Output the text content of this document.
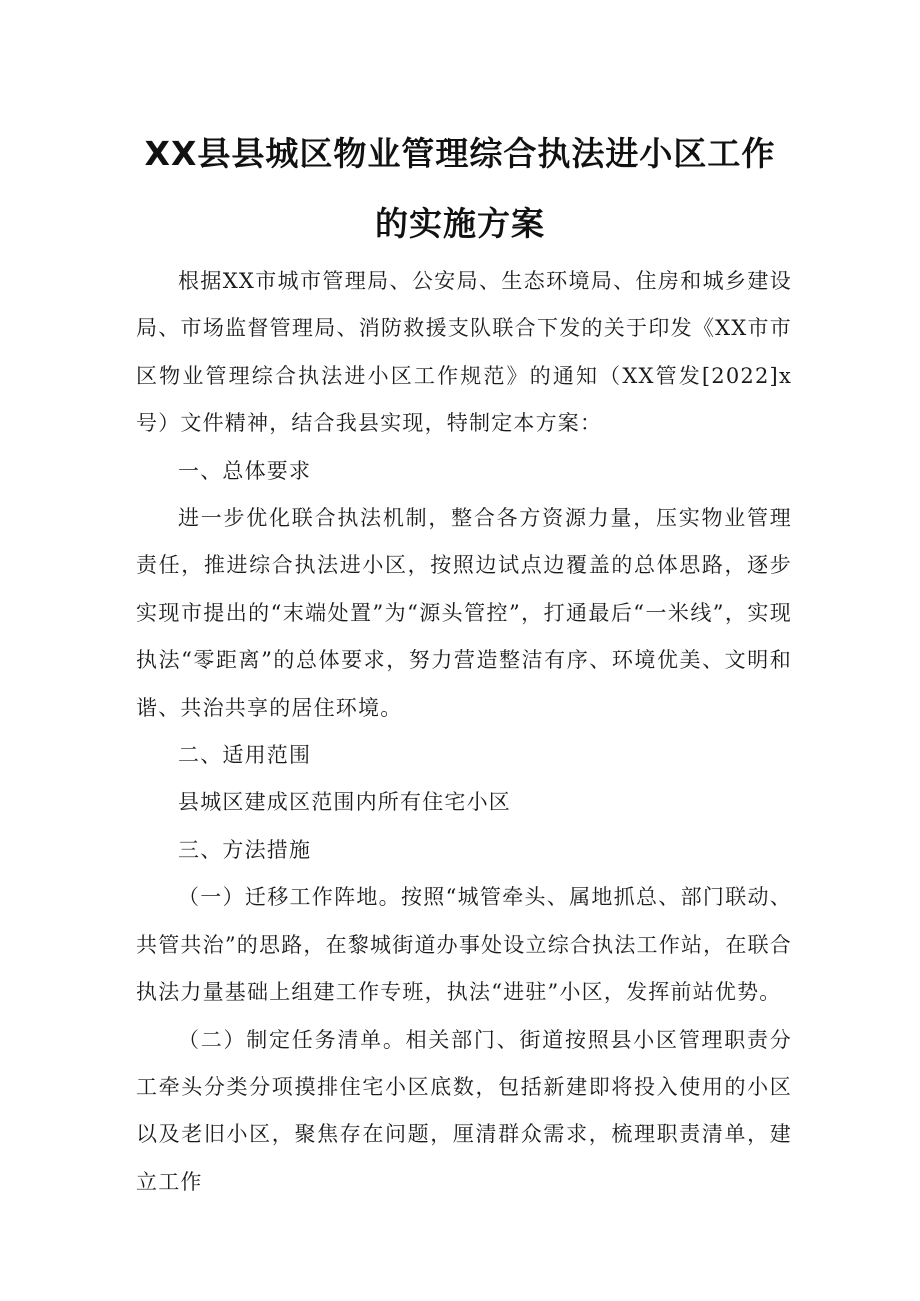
XX县县城区物业管理综合执法进小区工作
的实施方案

根据XX市城市管理局、公安局、生态环境局、住房和城乡建设局、市场监督管理局、消防救援支队联合下发的关于印发《XX市市区物业管理综合执法进小区工作规范》的通知（XX管发[2022]x号）文件精神，结合我县实现，特制定本方案：

一、总体要求

进一步优化联合执法机制，整合各方资源力量，压实物业管理责任，推进综合执法进小区，按照边试点边覆盖的总体思路，逐步实现市提出的“末端处置”为“源头管控”，打通最后“一米线”，实现执法“零距离”的总体要求，努力营造整洁有序、环境优美、文明和谐、共治共享的居住环境。

二、适用范围

县城区建成区范围内所有住宅小区

三、方法措施

（一）迁移工作阵地。按照“城管牵头、属地抓总、部门联动、共管共治”的思路，在黎城街道办事处设立综合执法工作站，在联合执法力量基础上组建工作专班，执法“进驻”小区，发挥前站优势。

（二）制定任务清单。相关部门、街道按照县小区管理职责分工牵头分类分项摸排住宅小区底数，包括新建即将投入使用的小区以及老旧小区，聚焦存在问题，厘清群众需求，梳理职责清单，建立工作
